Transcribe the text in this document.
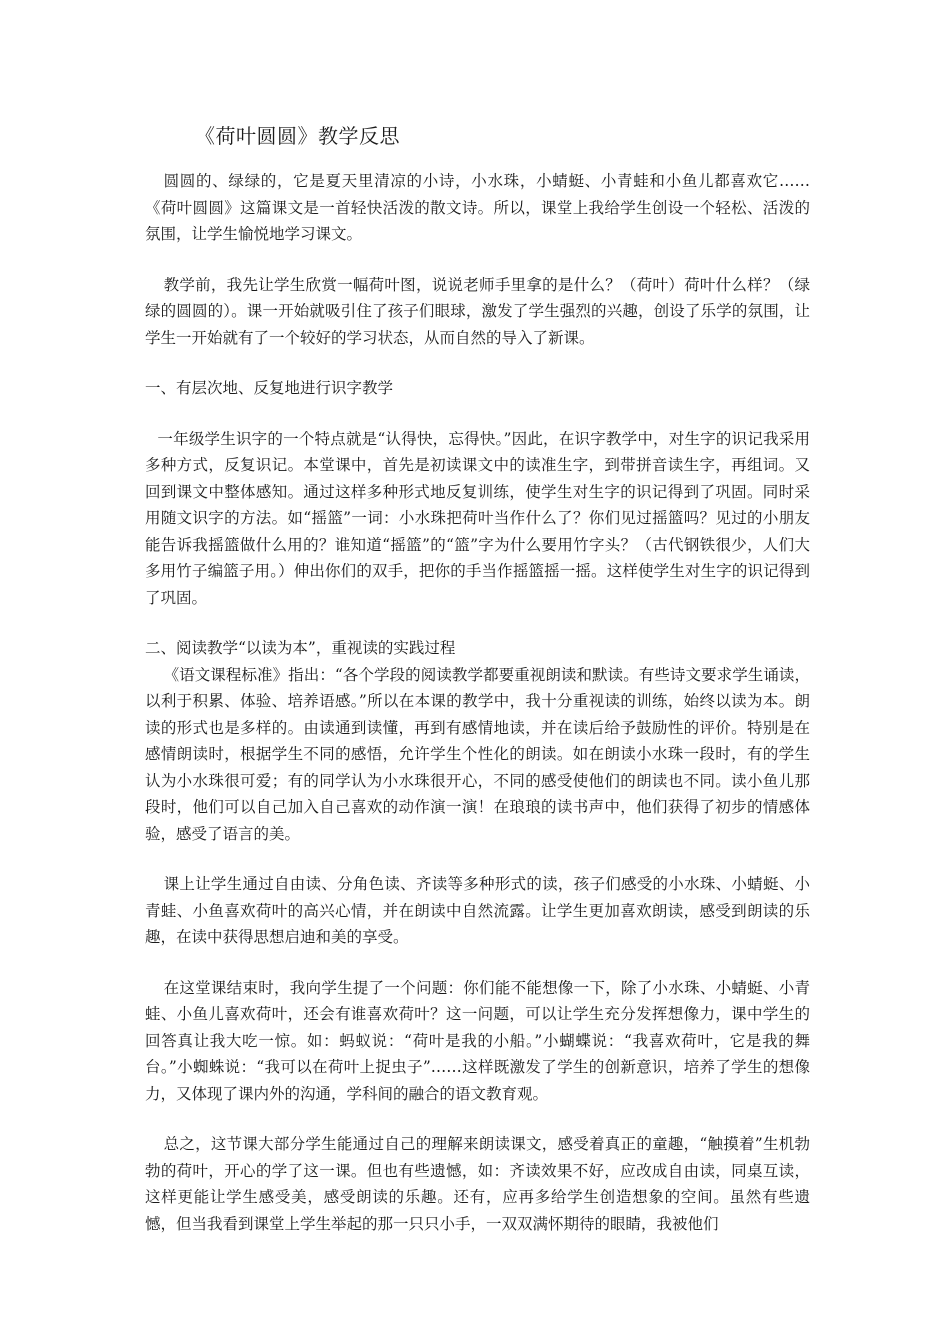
《荷叶圆圆》教学反思

圆圆的、绿绿的，它是夏天里清凉的小诗，小水珠，小蜻蜓、小青蛙和小鱼儿都喜欢它……《荷叶圆圆》这篇课文是一首轻快活泼的散文诗。所以，课堂上我给学生创设一个轻松、活泼的氛围，让学生愉悦地学习课文。

教学前，我先让学生欣赏一幅荷叶图，说说老师手里拿的是什么？（荷叶）荷叶什么样？（绿绿的圆圆的）。课一开始就吸引住了孩子们眼球，激发了学生强烈的兴趣，创设了乐学的氛围，让学生一开始就有了一个较好的学习状态，从而自然的导入了新课。

一、有层次地、反复地进行识字教学

一年级学生识字的一个特点就是“认得快，忘得快。”因此，在识字教学中，对生字的识记我采用多种方式，反复识记。本堂课中，首先是初读课文中的读准生字，到带拼音读生字，再组词。又回到课文中整体感知。通过这样多种形式地反复训练，使学生对生字的识记得到了巩固。同时采用随文识字的方法。如“摇篮”一词：小水珠把荷叶当作什么了？你们见过摇篮吗？见过的小朋友能告诉我摇篮做什么用的？谁知道“摇篮”的“篮”字为什么要用竹字头？（古代钢铁很少，人们大多用竹子编篮子用。）伸出你们的双手，把你的手当作摇篮摇一摇。这样使学生对生字的识记得到了巩固。

二、阅读教学“以读为本”，重视读的实践过程

《语文课程标准》指出：“各个学段的阅读教学都要重视朗读和默读。有些诗文要求学生诵读，以利于积累、体验、培养语感。”所以在本课的教学中，我十分重视读的训练，始终以读为本。朗读的形式也是多样的。由读通到读懂，再到有感情地读，并在读后给予鼓励性的评价。特别是在感情朗读时，根据学生不同的感悟，允许学生个性化的朗读。如在朗读小水珠一段时，有的学生认为小水珠很可爱；有的同学认为小水珠很开心，不同的感受使他们的朗读也不同。读小鱼儿那段时，他们可以自己加入自己喜欢的动作演一演！在琅琅的读书声中，他们获得了初步的情感体验，感受了语言的美。

课上让学生通过自由读、分角色读、齐读等多种形式的读，孩子们感受的小水珠、小蜻蜓、小青蛙、小鱼喜欢荷叶的高兴心情，并在朗读中自然流露。让学生更加喜欢朗读，感受到朗读的乐趣，在读中获得思想启迪和美的享受。

在这堂课结束时，我向学生提了一个问题：你们能不能想像一下，除了小水珠、小蜻蜓、小青蛙、小鱼儿喜欢荷叶，还会有谁喜欢荷叶？这一问题，可以让学生充分发挥想像力，课中学生的回答真让我大吃一惊。如：蚂蚁说：“荷叶是我的小船。”小蝴蝶说：“我喜欢荷叶，它是我的舞台。”小蜘蛛说：“我可以在荷叶上捉虫子”……这样既激发了学生的创新意识，培养了学生的想像力，又体现了课内外的沟通，学科间的融合的语文教育观。

总之，这节课大部分学生能通过自己的理解来朗读课文，感受着真正的童趣，“触摸着”生机勃勃的荷叶，开心的学了这一课。但也有些遗憾，如：齐读效果不好，应改成自由读，同桌互读，这样更能让学生感受美，感受朗读的乐趣。还有，应再多给学生创造想象的空间。虽然有些遗憾，但当我看到课堂上学生举起的那一只只小手，一双双满怀期待的眼睛，我被他们
